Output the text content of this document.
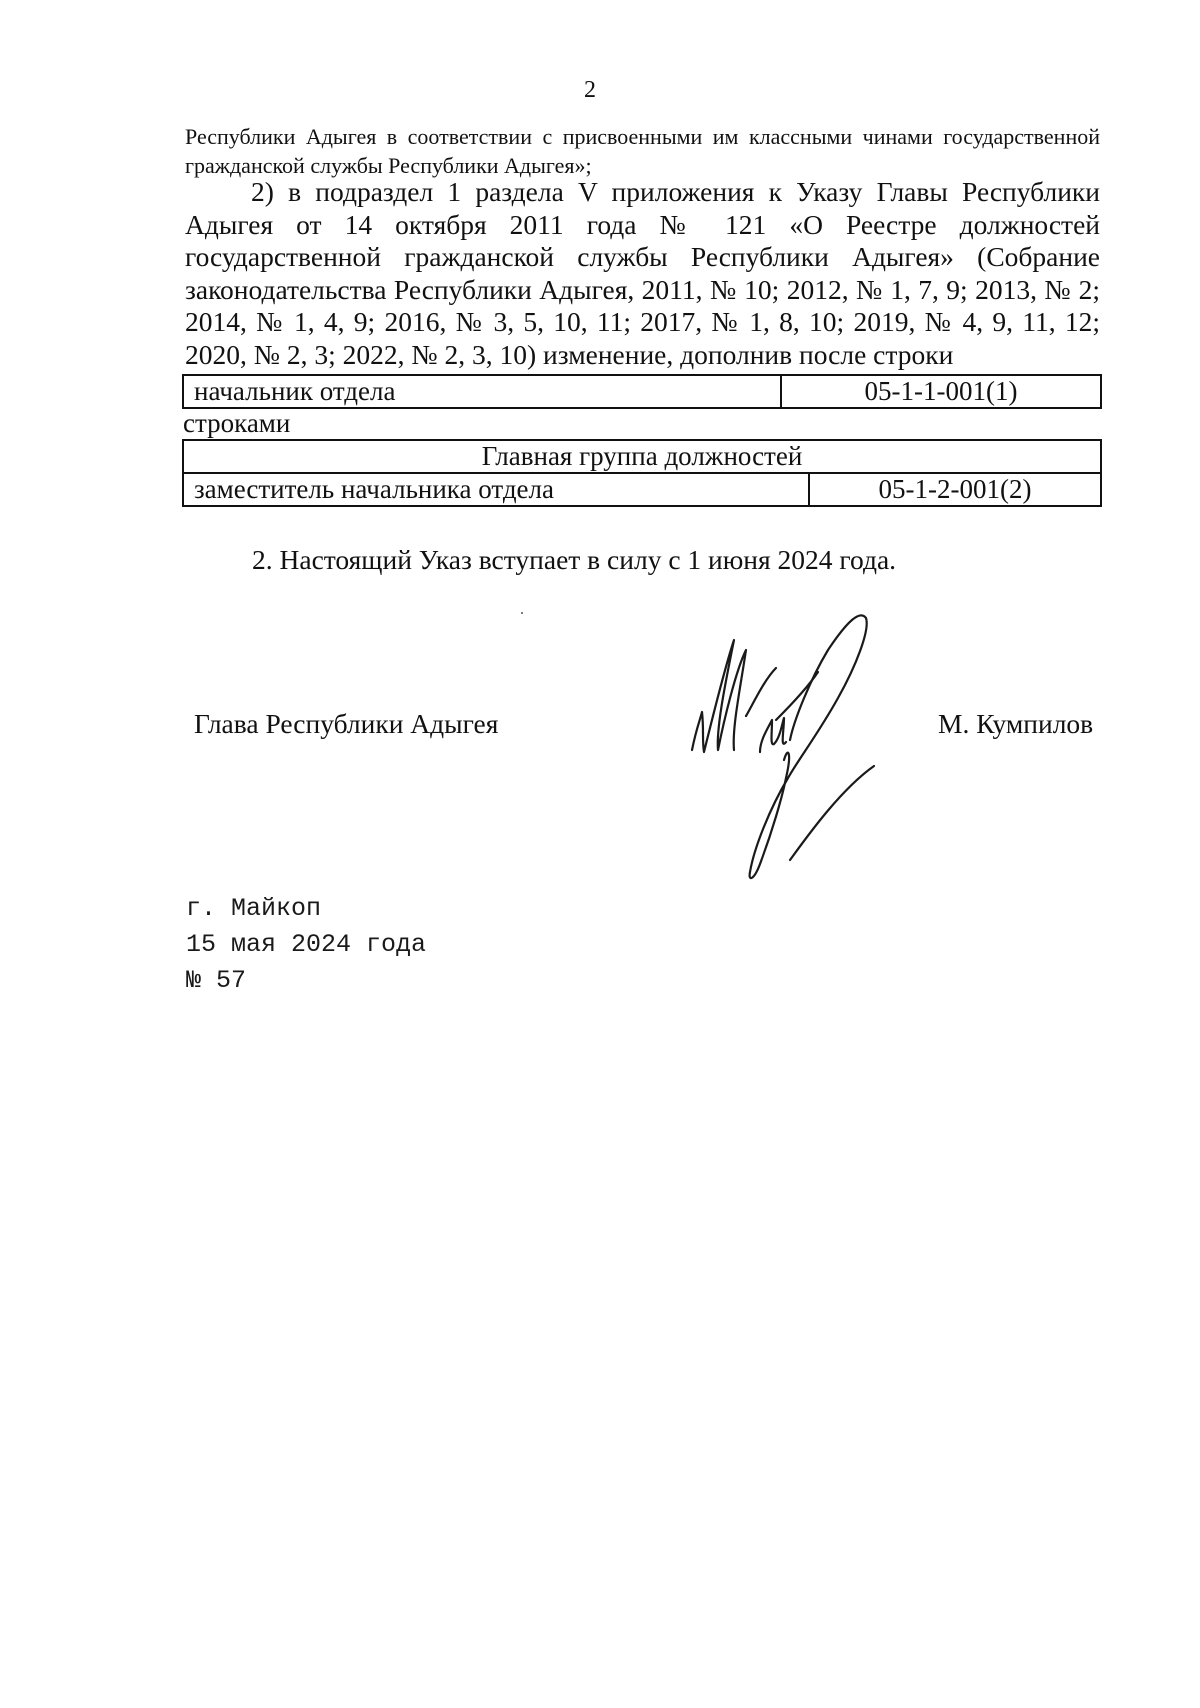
2
Республики Адыгея в соответствии с присвоенными им классными чинами государственной гражданской службы Республики Адыгея»;
2) в подраздел 1 раздела V приложения к Указу Главы Республики Адыгея от 14 октября 2011 года № 121 «О Реестре должностей государственной гражданской службы Республики Адыгея» (Собрание законодательства Республики Адыгея, 2011, № 10; 2012, № 1, 7, 9; 2013, № 2; 2014, № 1, 4, 9; 2016, № 3, 5, 10, 11; 2017, № 1, 8, 10; 2019, № 4, 9, 11, 12; 2020, № 2, 3; 2022, № 2, 3, 10) изменение, дополнив после строки
начальник отдела	05-1-1-001(1)
строками
Главная группа должностей
заместитель начальника отдела	05-1-2-001(2)
2. Настоящий Указ вступает в силу с 1 июня 2024 года.
Глава Республики Адыгея	М. Кумпилов
г. Майкоп
15 мая 2024 года
№ 57
